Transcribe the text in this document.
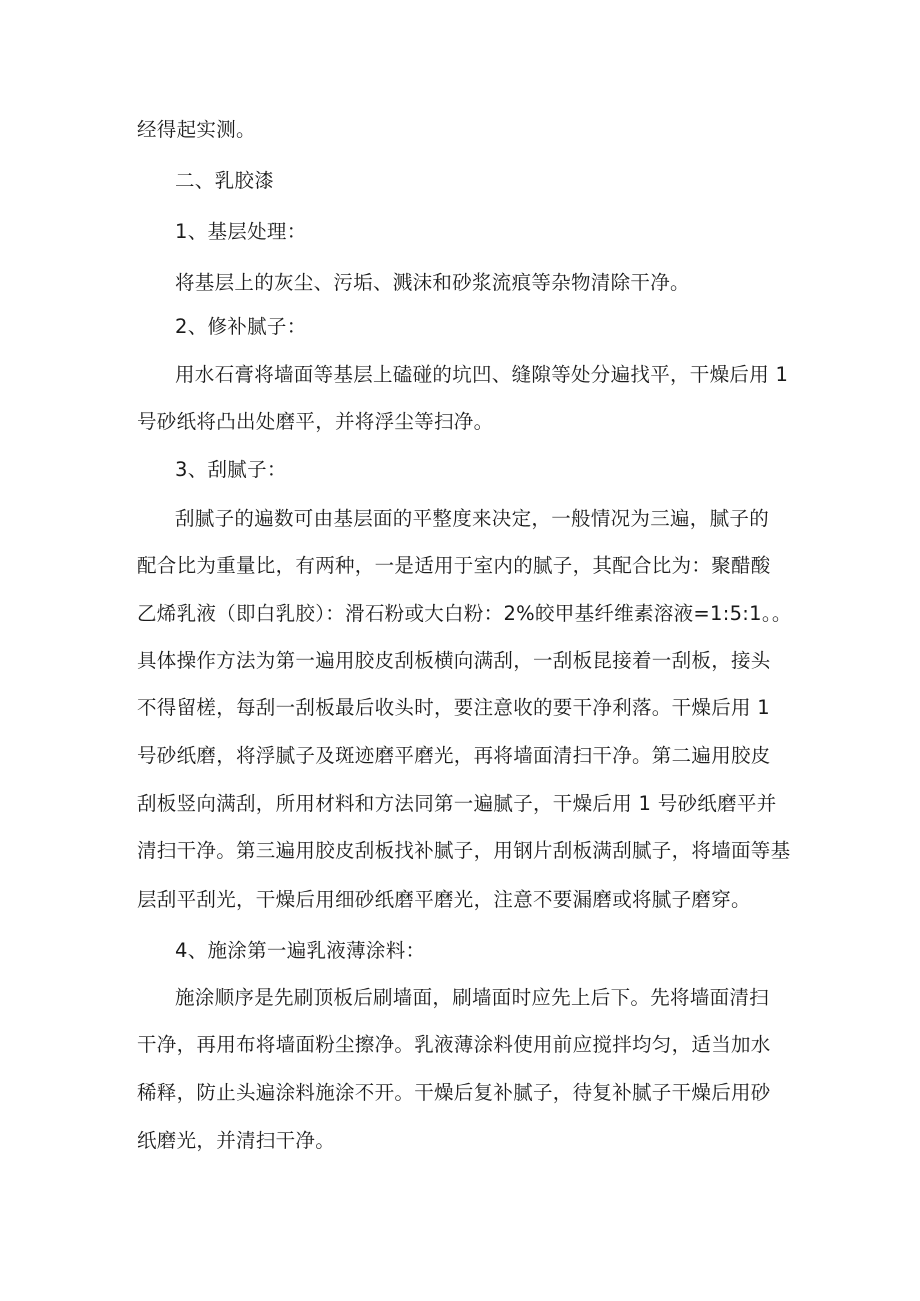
经得起实测。
二、乳胶漆
1、基层处理：
将基层上的灰尘、污垢、溅沫和砂浆流痕等杂物清除干净。
2、修补腻子：
用水石膏将墙面等基层上磕碰的坑凹、缝隙等处分遍找平，干燥后用 1
号砂纸将凸出处磨平，并将浮尘等扫净。
3、刮腻子：
刮腻子的遍数可由基层面的平整度来决定，一般情况为三遍，腻子的
配合比为重量比，有两种，一是适用于室内的腻子，其配合比为：聚醋酸
乙烯乳液（即白乳胶）：滑石粉或大白粉：2%皎甲基纤维素溶液=1:5:1。。
具体操作方法为第一遍用胶皮刮板横向满刮，一刮板昆接着一刮板，接头
不得留槎，每刮一刮板最后收头时，要注意收的要干净利落。干燥后用 1
号砂纸磨，将浮腻子及斑迹磨平磨光，再将墙面清扫干净。第二遍用胶皮
刮板竖向满刮，所用材料和方法同第一遍腻子，干燥后用 1 号砂纸磨平并
清扫干净。第三遍用胶皮刮板找补腻子，用钢片刮板满刮腻子，将墙面等基
层刮平刮光，干燥后用细砂纸磨平磨光，注意不要漏磨或将腻子磨穿。
4、施涂第一遍乳液薄涂料：
施涂顺序是先刷顶板后刷墙面，刷墙面时应先上后下。先将墙面清扫
干净，再用布将墙面粉尘擦净。乳液薄涂料使用前应搅拌均匀，适当加水
稀释，防止头遍涂料施涂不开。干燥后复补腻子，待复补腻子干燥后用砂
纸磨光，并清扫干净。
